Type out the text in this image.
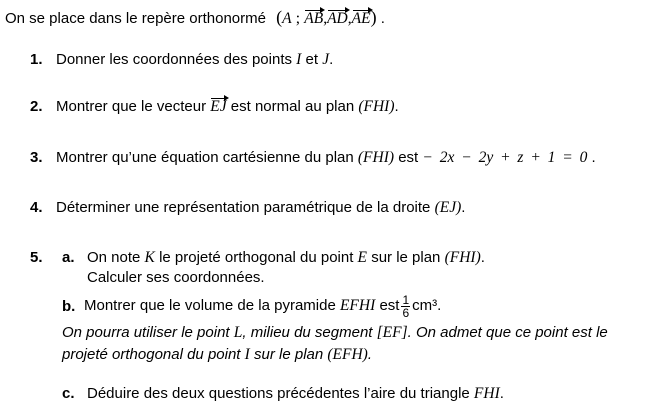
On se place dans le repère orthonormé (A ; AB,AD,AE) .
1. Donner les coordonnées des points I et J.
2. Montrer que le vecteur EJ est normal au plan (FHI).
3. Montrer qu’une équation cartésienne du plan (FHI) est − 2x − 2y + z + 1 = 0 .
4. Déterminer une représentation paramétrique de la droite (EJ).
5. a. On note K le projeté orthogonal du point E sur le plan (FHI).
Calculer ses coordonnées.
b. Montrer que le volume de la pyramide EFHI est $\frac{1}{6} cm^3$.
On pourra utiliser le point L, milieu du segment [EF]. On admet que ce point est le
projeté orthogonal du point I sur le plan (EFH).
c. Déduire des deux questions précédentes l’aire du triangle FHI.
